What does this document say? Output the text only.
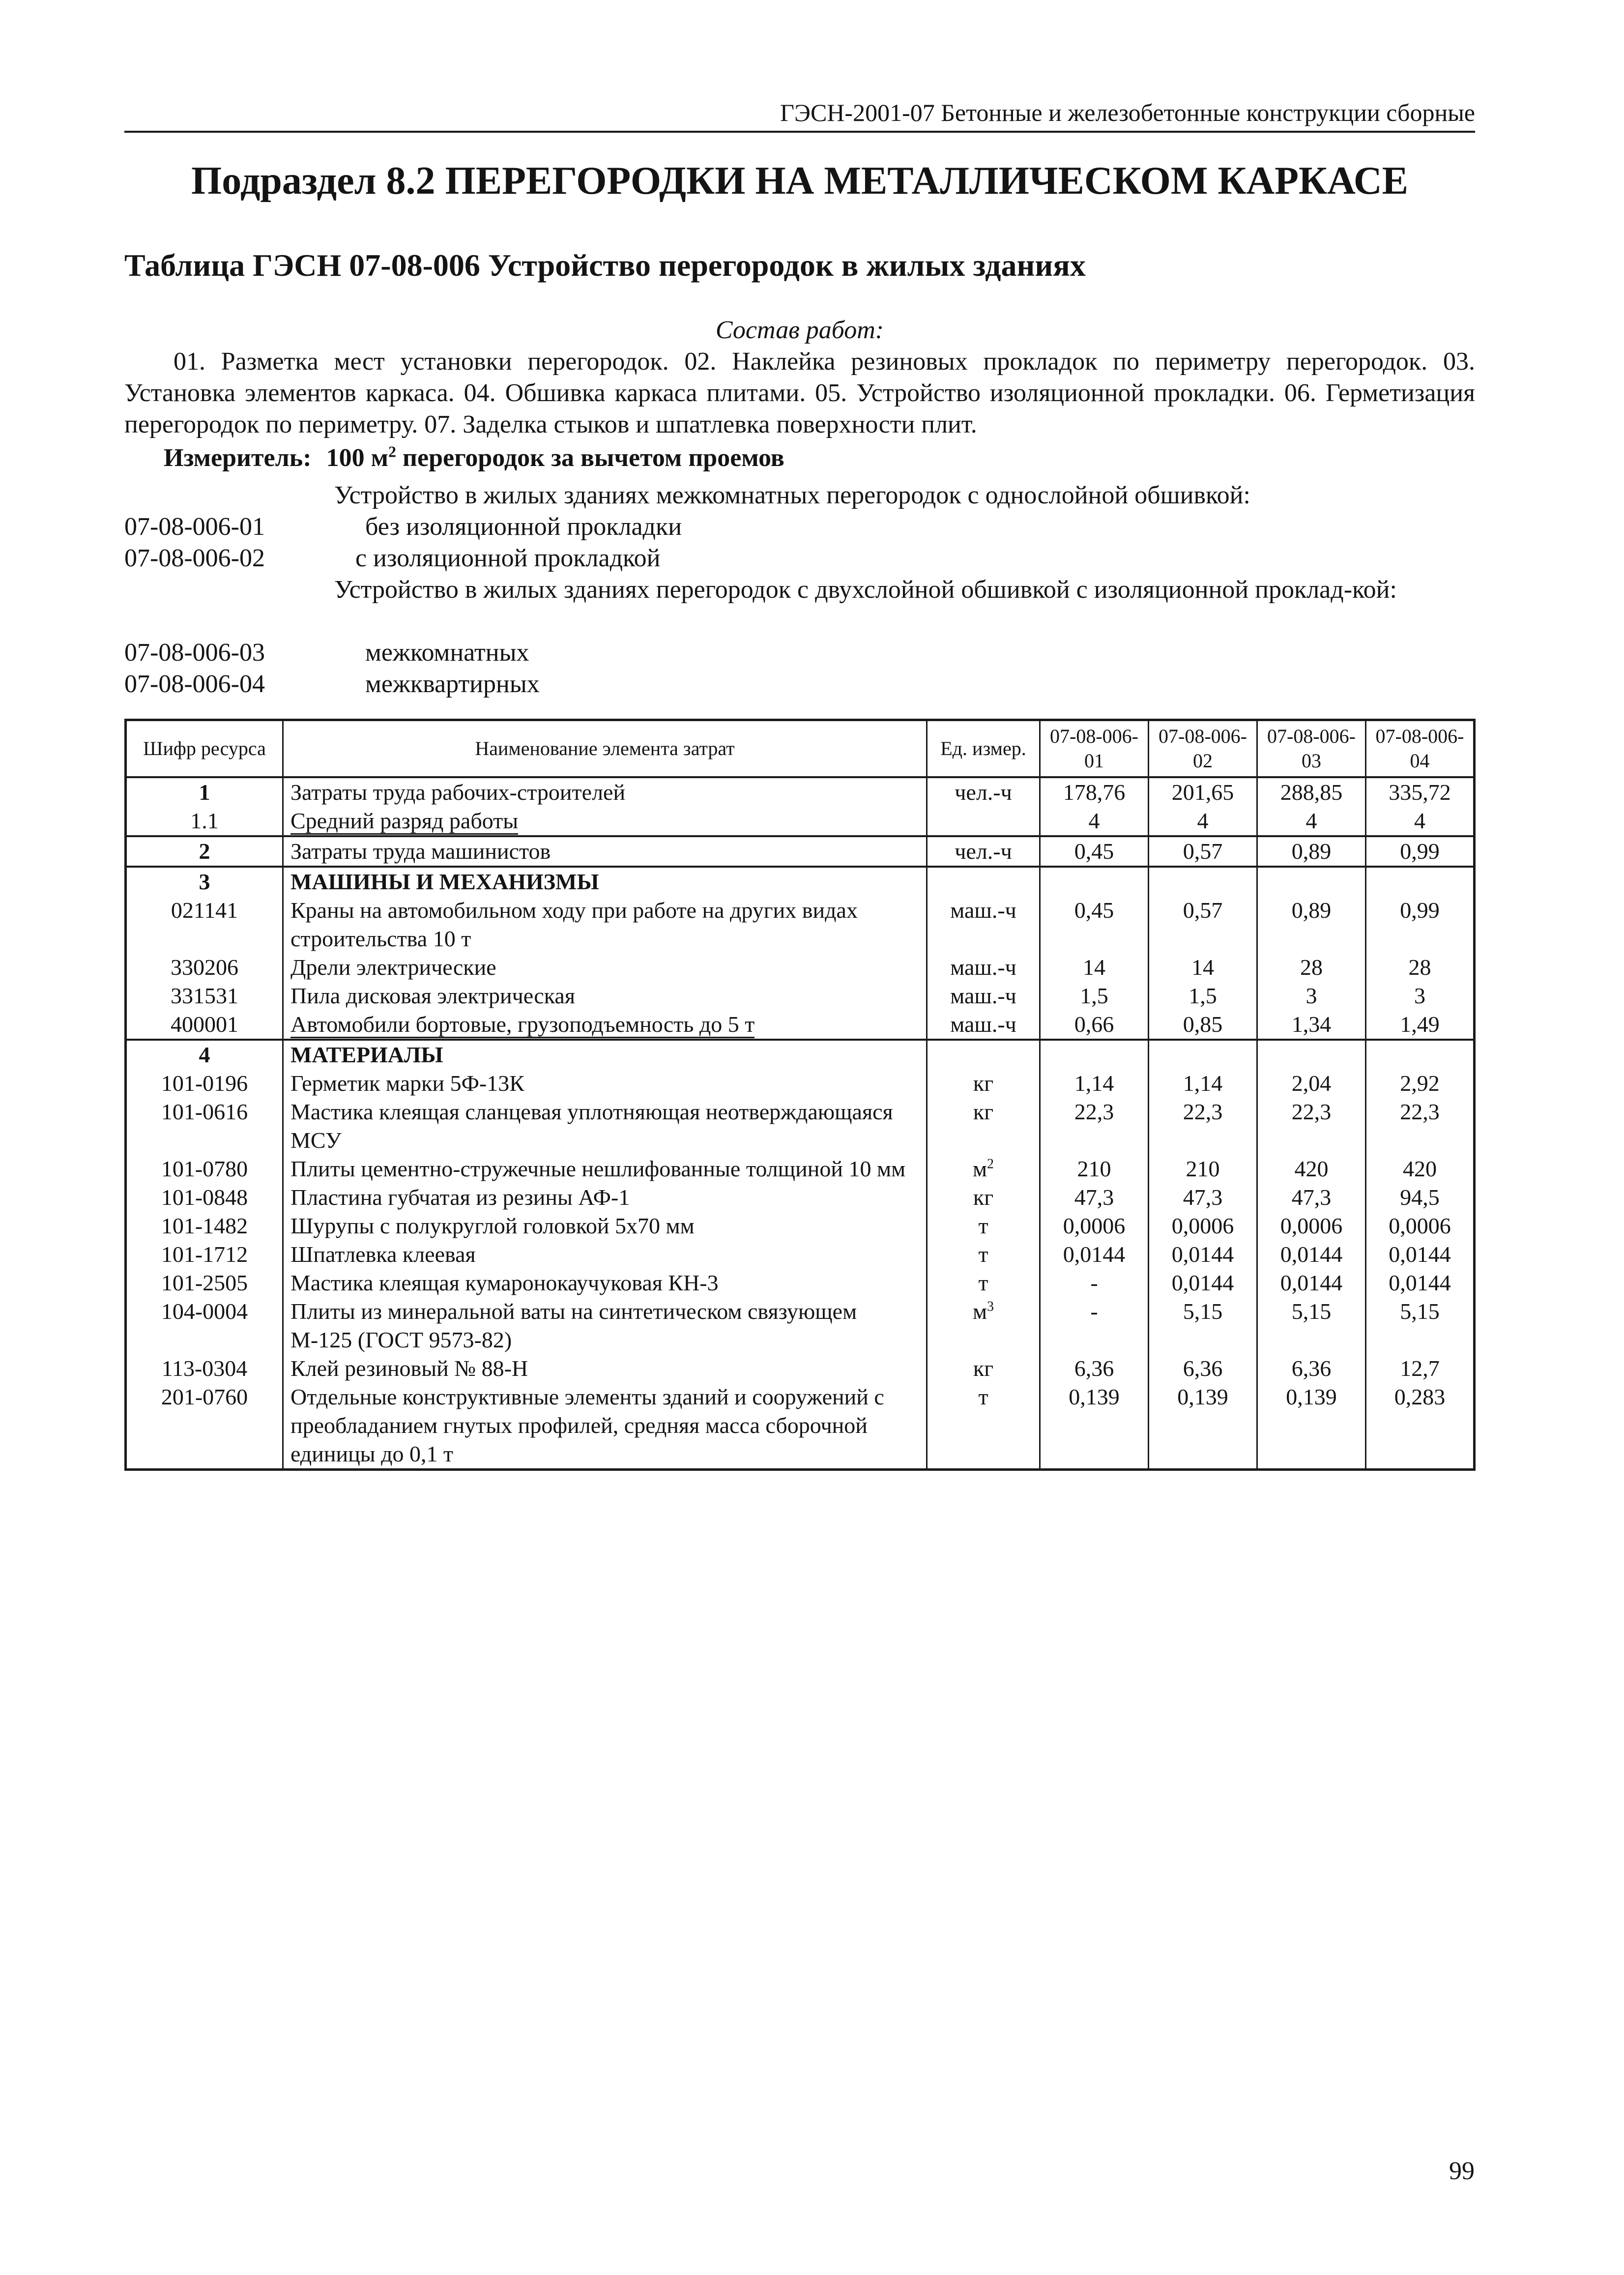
ГЭСН-2001-07 Бетонные и железобетонные конструкции сборные
Подраздел 8.2 ПЕРЕГОРОДКИ НА МЕТАЛЛИЧЕСКОМ КАРКАСЕ
Таблица ГЭСН 07-08-006 Устройство перегородок в жилых зданиях
Состав работ:
01. Разметка мест установки перегородок. 02. Наклейка резиновых прокладок по периметру перегородок. 03. Установка элементов каркаса. 04. Обшивка каркаса плитами. 05. Устройство изоляционной прокладки. 06. Герметизация перегородок по периметру. 07. Заделка стыков и шпатлевка поверхности плит.
Измеритель: 100 $м^2$ перегородок за вычетом проемов
Устройство в жилых зданиях межкомнатных перегородок с однослойной обшивкой:
07-08-006-01	без изоляционной прокладки
07-08-006-02	с изоляционной прокладкой
Устройство в жилых зданиях перегородок с двухслойной обшивкой с изоляционной проклад-кой:
07-08-006-03	межкомнатных
07-08-006-04	межквартирных
Шифр ресурса	Наименование элемента затрат	Ед. измер.	07-08-006-01	07-08-006-02	07-08-006-03	07-08-006-04
1	Затраты труда рабочих-строителей	чел.-ч	178,76	201,65	288,85	335,72
1.1	Средний разряд работы		4	4	4	4
2	Затраты труда машинистов	чел.-ч	0,45	0,57	0,89	0,99
3	МАШИНЫ И МЕХАНИЗМЫ					
021141	Краны на автомобильном ходу при работе на других видах строительства 10 т	маш.-ч	0,45	0,57	0,89	0,99
330206	Дрели электрические	маш.-ч	14	14	28	28
331531	Пила дисковая электрическая	маш.-ч	1,5	1,5	3	3
400001	Автомобили бортовые, грузоподъемность до 5 т	маш.-ч	0,66	0,85	1,34	1,49
4	МАТЕРИАЛЫ					
101-0196	Герметик марки 5Ф-13К	кг	1,14	1,14	2,04	2,92
101-0616	Мастика клеящая сланцевая уплотняющая неотверждающаяся МСУ	кг	22,3	22,3	22,3	22,3
101-0780	Плиты цементно-стружечные нешлифованные толщиной 10 мм	$м^2$	210	210	420	420
101-0848	Пластина губчатая из резины АФ-1	кг	47,3	47,3	47,3	94,5
101-1482	Шурупы с полукруглой головкой 5х70 мм	т	0,0006	0,0006	0,0006	0,0006
101-1712	Шпатлевка клеевая	т	0,0144	0,0144	0,0144	0,0144
101-2505	Мастика клеящая кумаронокаучуковая КН-3	т	-	0,0144	0,0144	0,0144
104-0004	Плиты из минеральной ваты на синтетическом связующем М-125 (ГОСТ 9573-82)	$м^3$	-	5,15	5,15	5,15
113-0304	Клей резиновый № 88-Н	кг	6,36	6,36	6,36	12,7
201-0760	Отдельные конструктивные элементы зданий и сооружений с преобладанием гнутых профилей, средняя масса сборочной единицы до 0,1 т	т	0,139	0,139	0,139	0,283
99
